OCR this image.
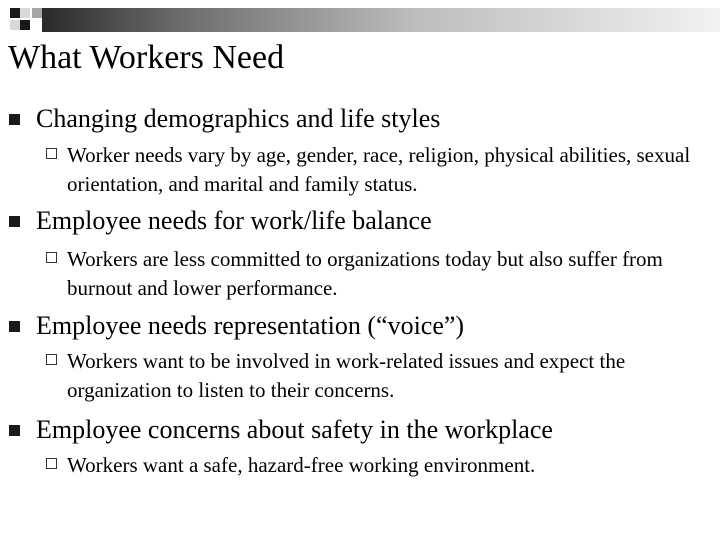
What Workers Need
Changing demographics and life styles
Worker needs vary by age, gender, race, religion, physical abilities, sexual orientation, and marital and family status.
Employee needs for work/life balance
Workers are less committed to organizations today but also suffer from burnout and lower performance.
Employee needs representation (“voice”)
Workers want to be involved in work-related issues and expect the organization to listen to their concerns.
Employee concerns about safety in the workplace
Workers want a safe, hazard-free working environment.
